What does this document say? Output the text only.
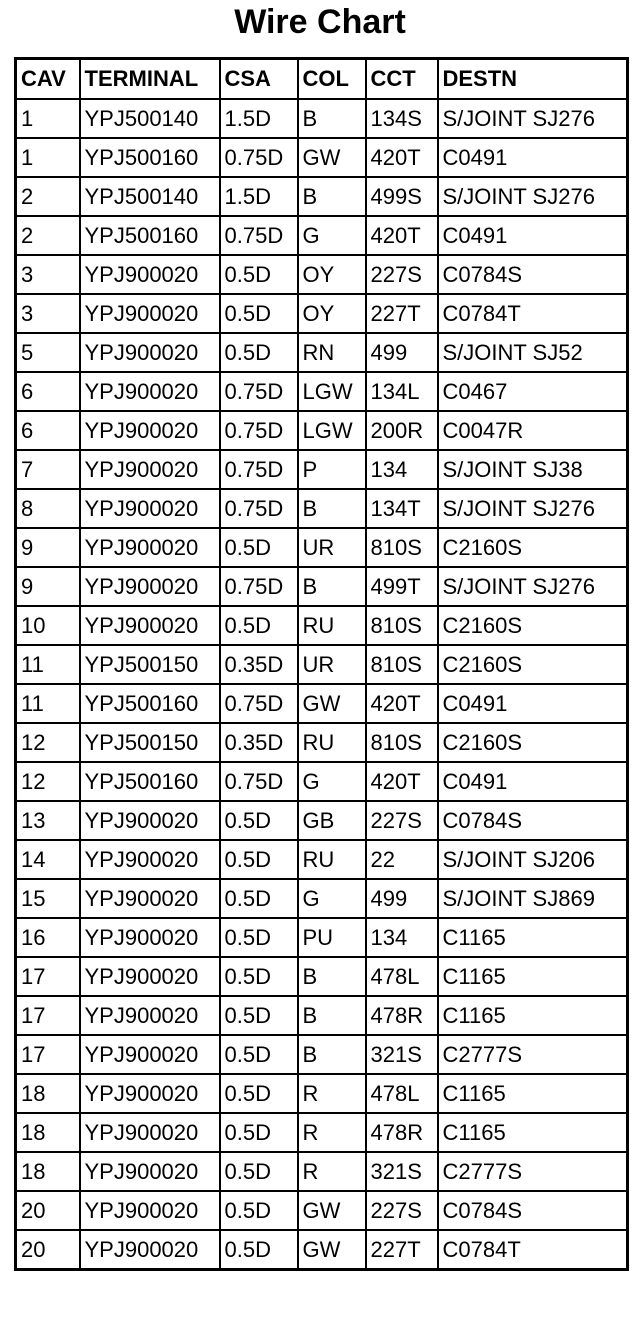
Wire Chart
CAV	TERMINAL	CSA	COL	CCT	DESTN
1	YPJ500140	1.5D	B	134S	S/JOINT SJ276
1	YPJ500160	0.75D	GW	420T	C0491
2	YPJ500140	1.5D	B	499S	S/JOINT SJ276
2	YPJ500160	0.75D	G	420T	C0491
3	YPJ900020	0.5D	OY	227S	C0784S
3	YPJ900020	0.5D	OY	227T	C0784T
5	YPJ900020	0.5D	RN	499	S/JOINT SJ52
6	YPJ900020	0.75D	LGW	134L	C0467
6	YPJ900020	0.75D	LGW	200R	C0047R
7	YPJ900020	0.75D	P	134	S/JOINT SJ38
8	YPJ900020	0.75D	B	134T	S/JOINT SJ276
9	YPJ900020	0.5D	UR	810S	C2160S
9	YPJ900020	0.75D	B	499T	S/JOINT SJ276
10	YPJ900020	0.5D	RU	810S	C2160S
11	YPJ500150	0.35D	UR	810S	C2160S
11	YPJ500160	0.75D	GW	420T	C0491
12	YPJ500150	0.35D	RU	810S	C2160S
12	YPJ500160	0.75D	G	420T	C0491
13	YPJ900020	0.5D	GB	227S	C0784S
14	YPJ900020	0.5D	RU	22	S/JOINT SJ206
15	YPJ900020	0.5D	G	499	S/JOINT SJ869
16	YPJ900020	0.5D	PU	134	C1165
17	YPJ900020	0.5D	B	478L	C1165
17	YPJ900020	0.5D	B	478R	C1165
17	YPJ900020	0.5D	B	321S	C2777S
18	YPJ900020	0.5D	R	478L	C1165
18	YPJ900020	0.5D	R	478R	C1165
18	YPJ900020	0.5D	R	321S	C2777S
20	YPJ900020	0.5D	GW	227S	C0784S
20	YPJ900020	0.5D	GW	227T	C0784T
